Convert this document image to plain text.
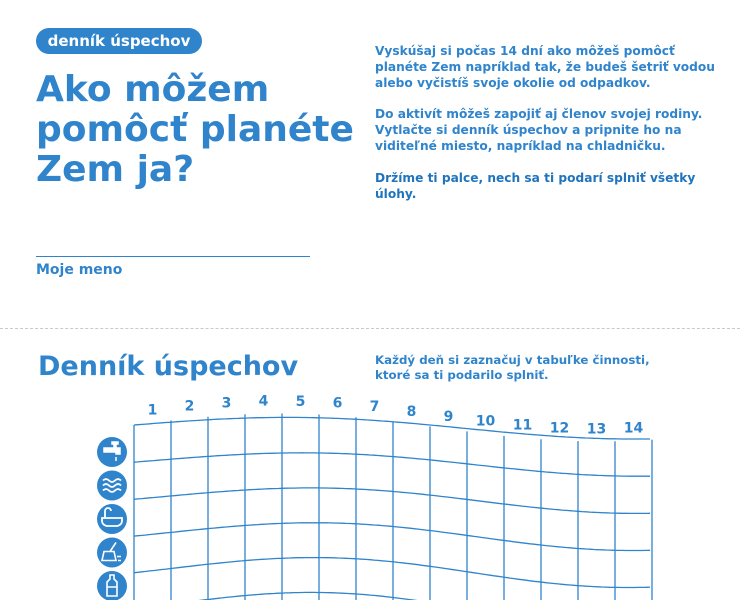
denník úspechov
Ako môžem pomôcť planéte Zem ja?

Vyskúšaj si počas 14 dní ako môžeš pomôcť planéte Zem napríklad tak, že budeš šetriť vodou alebo vyčistíš svoje okolie od odpadkov.

Do aktivít môžeš zapojiť aj členov svojej rodiny. Vytlačte si denník úspechov a pripnite ho na viditeľné miesto, napríklad na chladničku.

Držíme ti palce, nech sa ti podarí splniť všetky úlohy.

Moje meno
Denník úspechov	Každý deň si zaznačuj v tabuľke činnosti, ktoré sa ti podarilo splniť.
1 2 3 4 5 6 7 8 9 10 11 12 13 14
